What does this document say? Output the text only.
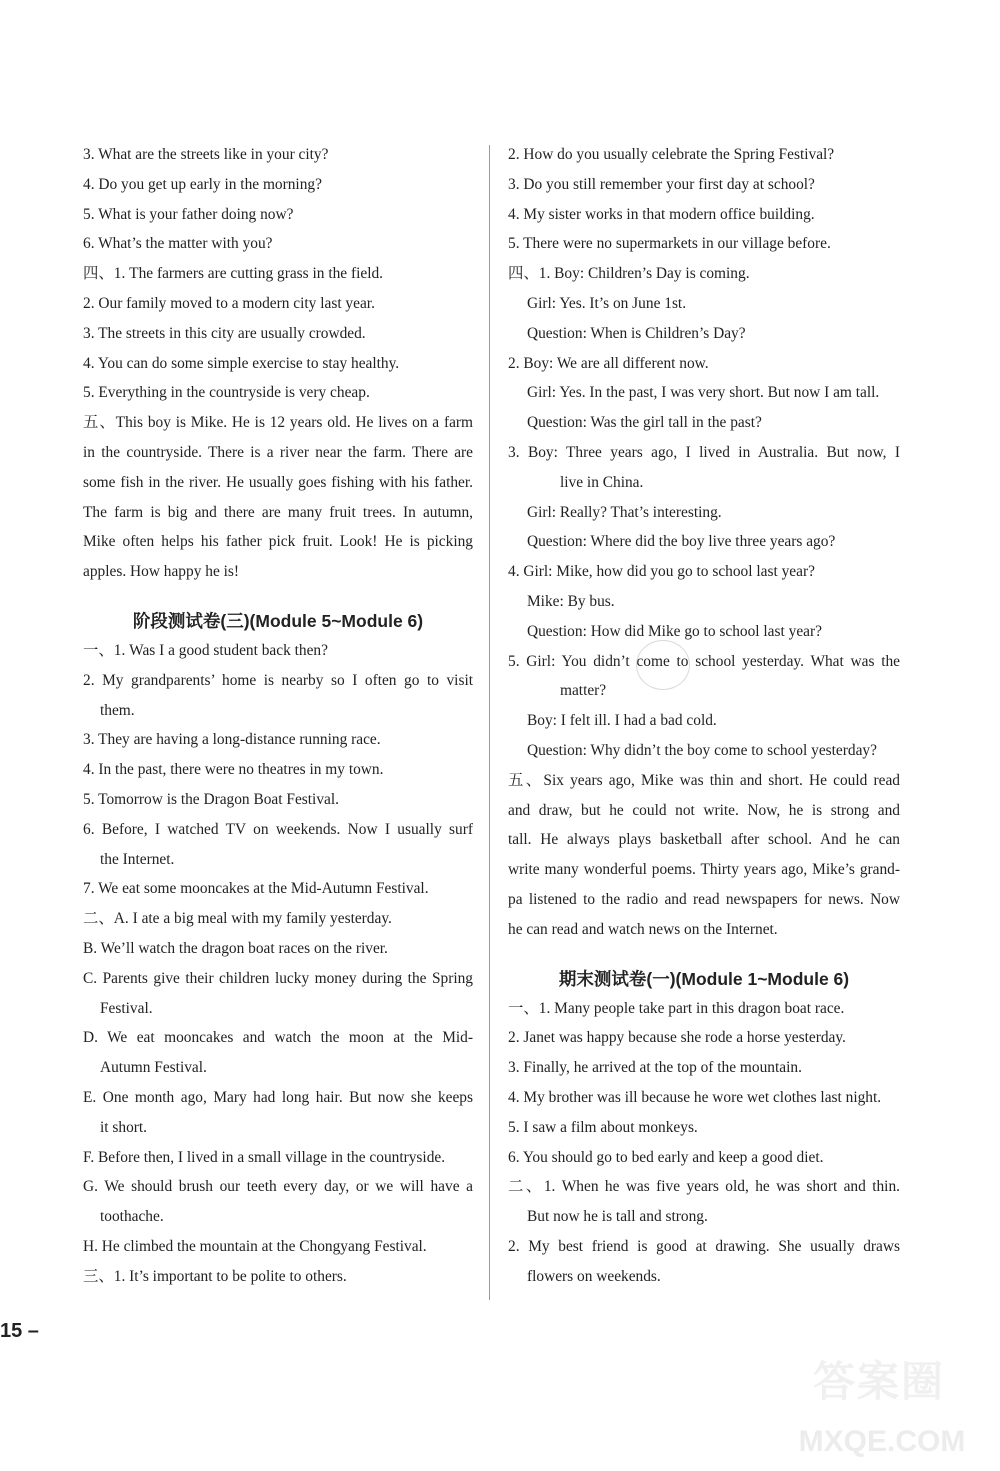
3. What are the streets like in your city?
4. Do you get up early in the morning?
5. What is your father doing now?
6. What’s the matter with you?
四、1. The farmers are cutting grass in the field.
2. Our family moved to a modern city last year.
3. The streets in this city are usually crowded.
4. You can do some simple exercise to stay healthy.
5. Everything in the countryside is very cheap.
五、This boy is Mike. He is 12 years old. He lives on a farm
in the countryside. There is a river near the farm. There are
some fish in the river. He usually goes fishing with his father.
The farm is big and there are many fruit trees. In autumn,
Mike often helps his father pick fruit. Look! He is picking
apples. How happy he is!
阶段测试卷(三)(Module 5~Module 6)
一、1. Was I a good student back then?
2. My grandparents’ home is nearby so I often go to visit
them.
3. They are having a long-distance running race.
4. In the past, there were no theatres in my town.
5. Tomorrow is the Dragon Boat Festival.
6. Before, I watched TV on weekends. Now I usually surf
the Internet.
7. We eat some mooncakes at the Mid-Autumn Festival.
二、A. I ate a big meal with my family yesterday.
B. We’ll watch the dragon boat races on the river.
C. Parents give their children lucky money during the Spring
Festival.
D. We eat mooncakes and watch the moon at the Mid-
Autumn Festival.
E. One month ago, Mary had long hair. But now she keeps
it short.
F. Before then, I lived in a small village in the countryside.
G. We should brush our teeth every day, or we will have a
toothache.
H. He climbed the mountain at the Chongyang Festival.
三、1. It’s important to be polite to others.
2. How do you usually celebrate the Spring Festival?
3. Do you still remember your first day at school?
4. My sister works in that modern office building.
5. There were no supermarkets in our village before.
四、1. Boy: Children’s Day is coming.
Girl: Yes. It’s on June 1st.
Question: When is Children’s Day?
2. Boy: We are all different now.
Girl: Yes. In the past, I was very short. But now I am tall.
Question: Was the girl tall in the past?
3. Boy: Three years ago, I lived in Australia. But now, I
live in China.
Girl: Really? That’s interesting.
Question: Where did the boy live three years ago?
4. Girl: Mike, how did you go to school last year?
Mike: By bus.
Question: How did Mike go to school last year?
5. Girl: You didn’t come to school yesterday. What was the
matter?
Boy: I felt ill. I had a bad cold.
Question: Why didn’t the boy come to school yesterday?
五、Six years ago, Mike was thin and short. He could read
and draw, but he could not write. Now, he is strong and
tall. He always plays basketball after school. And he can
write many wonderful poems. Thirty years ago, Mike’s grand-
pa listened to the radio and read newspapers for news. Now
he can read and watch news on the Internet.
期末测试卷(一)(Module 1~Module 6)
一、1. Many people take part in this dragon boat race.
2. Janet was happy because she rode a horse yesterday.
3. Finally, he arrived at the top of the mountain.
4. My brother was ill because he wore wet clothes last night.
5. I saw a film about monkeys.
6. You should go to bed early and keep a good diet.
二、1. When he was five years old, he was short and thin.
But now he is tall and strong.
2. My best friend is good at drawing. She usually draws
flowers on weekends.
15 –
答案圈
MXQE.COM
